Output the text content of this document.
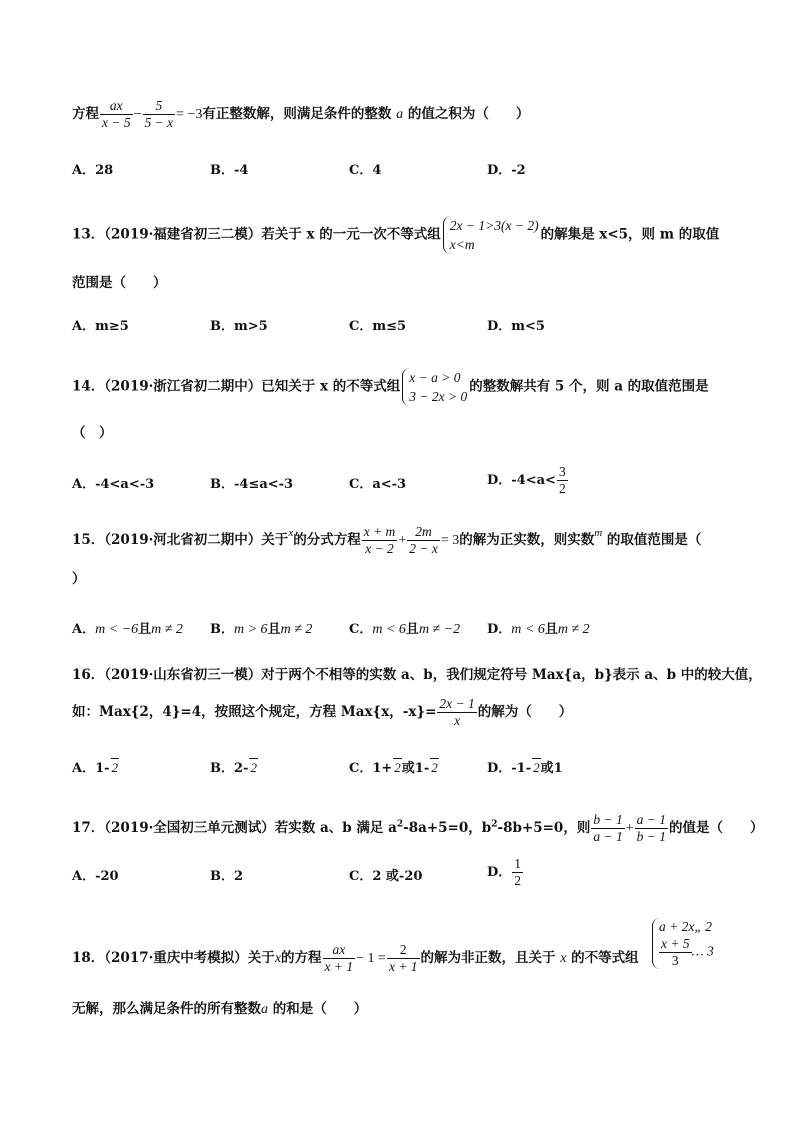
方程 $\frac{ax}{x - 5} - \frac{5}{5 - x} = -3$有正整数解，则满足条件的整数 a 的值之积为（　　）
A．28	B．-4	C．4	D．-2
13．（2019·福建省初三二模）若关于 x 的一元一次不等式组
2x − 1>3(x − 2)
x<m
的解集是 x<5，则 m 的取值
范围是（　　）
A．m≥5	B．m>5	C．m≤5	D．m<5
14．（2019·浙江省初二期中）已知关于 x 的不等式组
x − a > 0
3 − 2x > 0
的整数解共有 5 个，则 a 的取值范围是
（　）
A．-4<a<-3	B．-4≤a<-3	C．a<-3	D．$-4<a< \frac{3}{2}$
15．（2019·河北省初二期中）关于$^x$的分式方程 $\frac{x + m}{x - 2} + \frac{2m}{2 - x} = 3$的解为正实数，则实数$^m$ 的取值范围是（
）
A．m < −6且m ≠ 2 B．m > 6且m ≠ 2	C．m < 6且m ≠ −2 D．m < 6且m ≠ 2
16．（2019·山东省初三一模）对于两个不相等的实数 a、b，我们规定符号 Max{a，b}表示 a、b 中的较大值，
如：Max{2，4}=4，按照这个规定，方程 Max{x，$-x\}= \frac{2x - 1}{x}$ 的解为（　　）
A．1- 2	B．2- 2	C．1+ 2或1- 2	D．-1- 2或1
17．（2019·全国初三单元测试）若实数 a、b 满足 $a^2-8a+5=0$，$b^2-8b+5=0$，则 $\frac{b - 1}{a - 1} + \frac{a - 1}{b - 1}$ 的值是（　　）
A．-20	B．2	C．2 或-20	D． $\frac{1}{2}$
18．（2017·重庆中考模拟）关于x的方程 $\frac{ax}{x + 1} - 1 = \frac{2}{x + 1}$ 的解为非正数，且关于 x 的不等式组
a + 2x„ 2
$\frac{x + 5}{3}$ … 3
无解，那么满足条件的所有整数a 的和是（　　）
